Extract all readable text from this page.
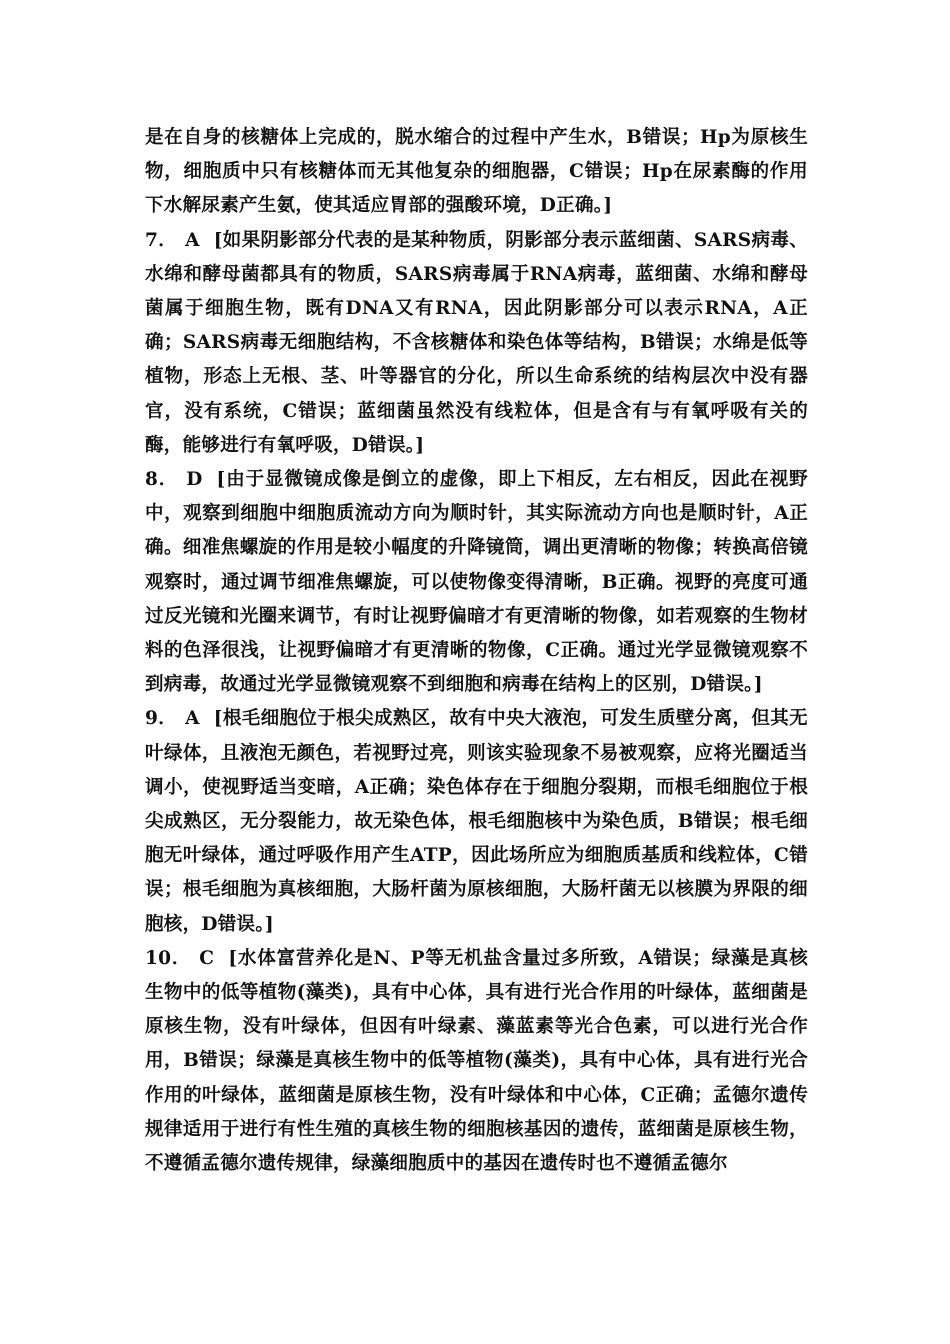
是在自身的核糖体上完成的，脱水缩合的过程中产生水，B错误；Hp为原核生物，细胞质中只有核糖体而无其他复杂的细胞器，C错误；Hp在尿素酶的作用下水解尿素产生氨，使其适应胃部的强酸环境，D正确。]

7． A [如果阴影部分代表的是某种物质，阴影部分表示蓝细菌、SARS病毒、水绵和酵母菌都具有的物质，SARS病毒属于RNA病毒，蓝细菌、水绵和酵母菌属于细胞生物，既有DNA又有RNA，因此阴影部分可以表示RNA，A正确；SARS病毒无细胞结构，不含核糖体和染色体等结构，B错误；水绵是低等植物，形态上无根、茎、叶等器官的分化，所以生命系统的结构层次中没有器官，没有系统，C错误；蓝细菌虽然没有线粒体，但是含有与有氧呼吸有关的酶，能够进行有氧呼吸，D错误。]

8． D [由于显微镜成像是倒立的虚像，即上下相反，左右相反，因此在视野中，观察到细胞中细胞质流动方向为顺时针，其实际流动方向也是顺时针，A正确。细准焦螺旋的作用是较小幅度的升降镜筒，调出更清晰的物像；转换高倍镜观察时，通过调节细准焦螺旋，可以使物像变得清晰，B正确。视野的亮度可通过反光镜和光圈来调节，有时让视野偏暗才有更清晰的物像，如若观察的生物材料的色泽很浅，让视野偏暗才有更清晰的物像，C正确。通过光学显微镜观察不到病毒，故通过光学显微镜观察不到细胞和病毒在结构上的区别，D错误。]

9． A [根毛细胞位于根尖成熟区，故有中央大液泡，可发生质壁分离，但其无叶绿体，且液泡无颜色，若视野过亮，则该实验现象不易被观察，应将光圈适当调小，使视野适当变暗，A正确；染色体存在于细胞分裂期，而根毛细胞位于根尖成熟区，无分裂能力，故无染色体，根毛细胞核中为染色质，B错误；根毛细胞无叶绿体，通过呼吸作用产生ATP，因此场所应为细胞质基质和线粒体，C错误；根毛细胞为真核细胞，大肠杆菌为原核细胞，大肠杆菌无以核膜为界限的细胞核，D错误。]

10． C [水体富营养化是N、P等无机盐含量过多所致，A错误；绿藻是真核生物中的低等植物(藻类)，具有中心体，具有进行光合作用的叶绿体，蓝细菌是原核生物，没有叶绿体，但因有叶绿素、藻蓝素等光合色素，可以进行光合作用，B错误；绿藻是真核生物中的低等植物(藻类)，具有中心体，具有进行光合作用的叶绿体，蓝细菌是原核生物，没有叶绿体和中心体，C正确；孟德尔遗传规律适用于进行有性生殖的真核生物的细胞核基因的遗传，蓝细菌是原核生物，不遵循孟德尔遗传规律，绿藻细胞质中的基因在遗传时也不遵循孟德尔
